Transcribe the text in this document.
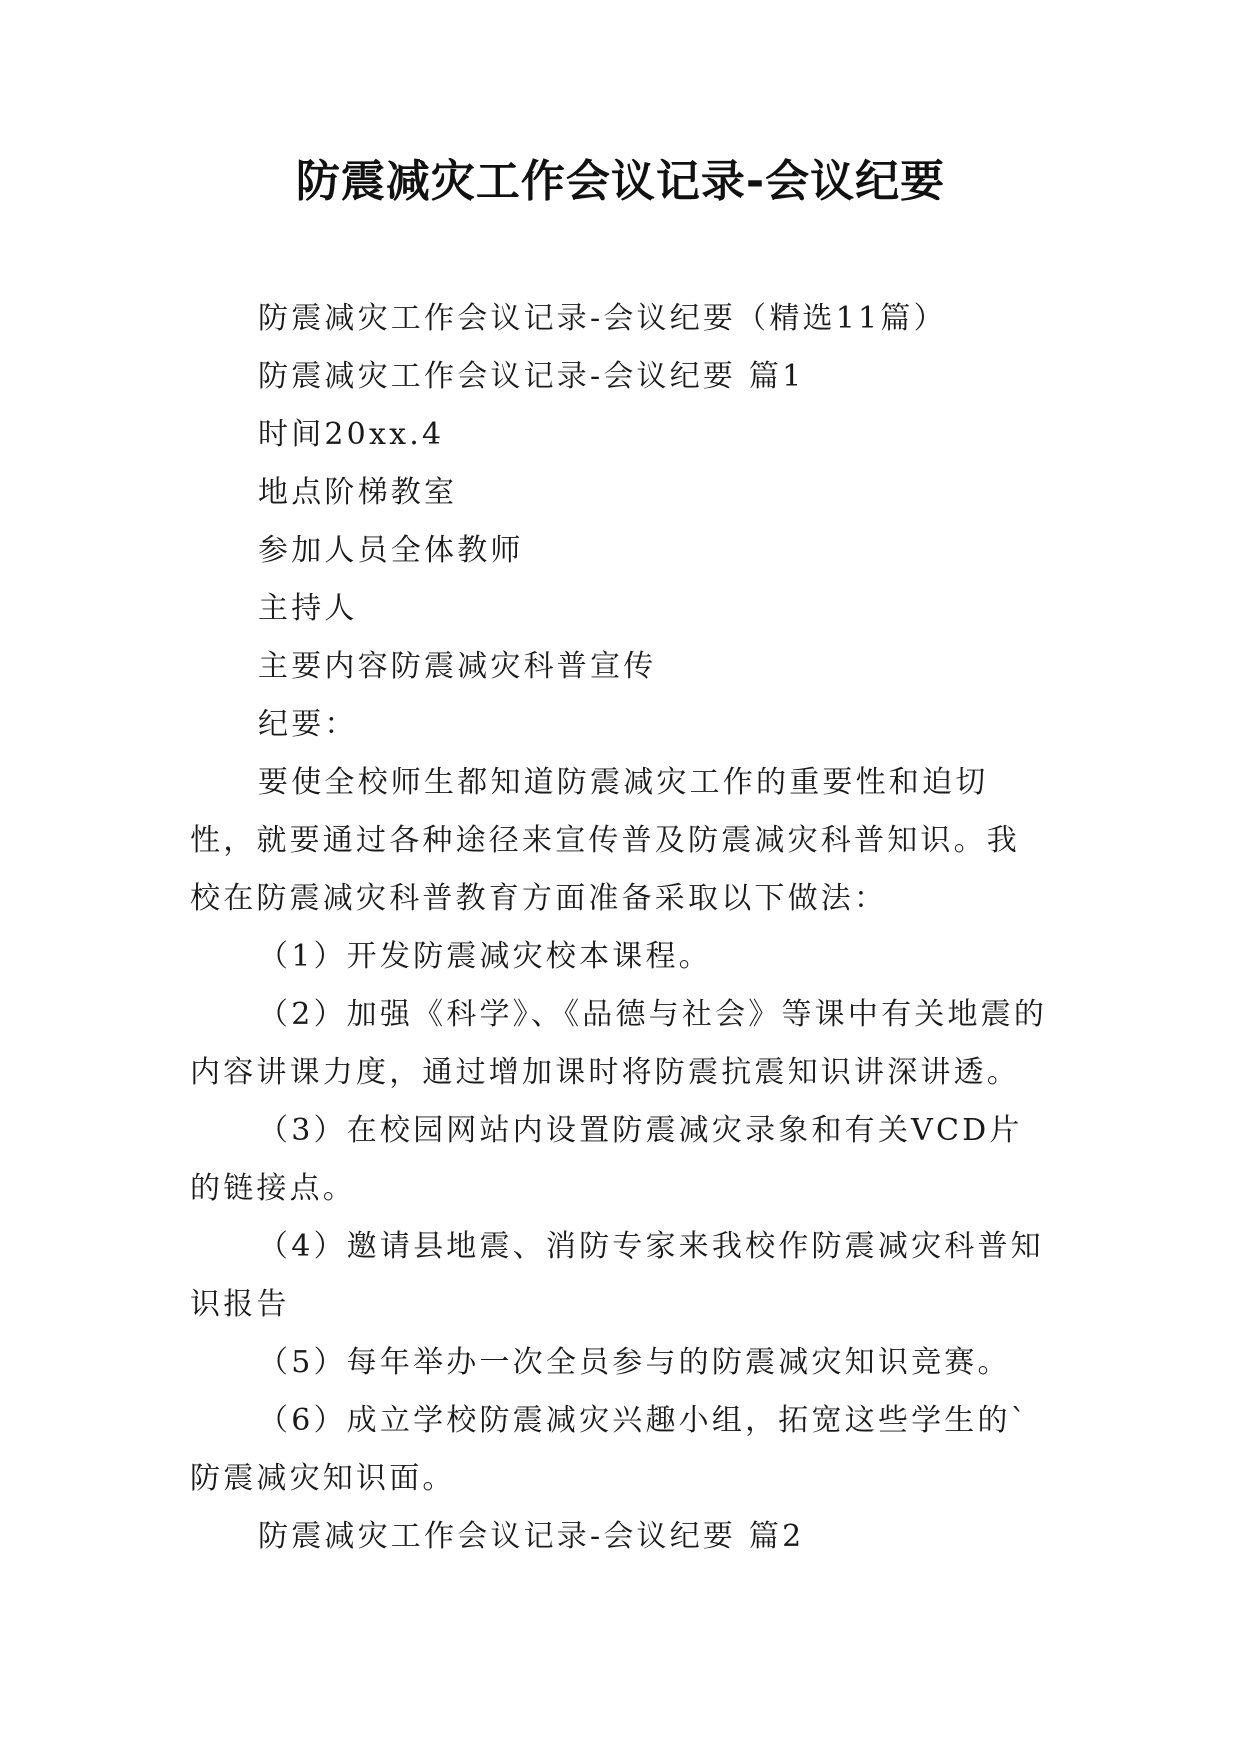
防震减灾工作会议记录-会议纪要

防震减灾工作会议记录-会议纪要（精选11篇）

防震减灾工作会议记录-会议纪要 篇1

时间20xx.4

地点阶梯教室

参加人员全体教师

主持人

主要内容防震减灾科普宣传

纪要：

要使全校师生都知道防震减灾工作的重要性和迫切性，就要通过各种途径来宣传普及防震减灾科普知识。我校在防震减灾科普教育方面准备采取以下做法：

（1）开发防震减灾校本课程。

（2）加强《科学》、《品德与社会》等课中有关地震的内容讲课力度，通过增加课时将防震抗震知识讲深讲透。

（3）在校园网站内设置防震减灾录象和有关VCD片的链接点。

（4）邀请县地震、消防专家来我校作防震减灾科普知识报告

（5）每年举办一次全员参与的防震减灾知识竞赛。

（6）成立学校防震减灾兴趣小组，拓宽这些学生的`防震减灾知识面。

防震减灾工作会议记录-会议纪要 篇2
